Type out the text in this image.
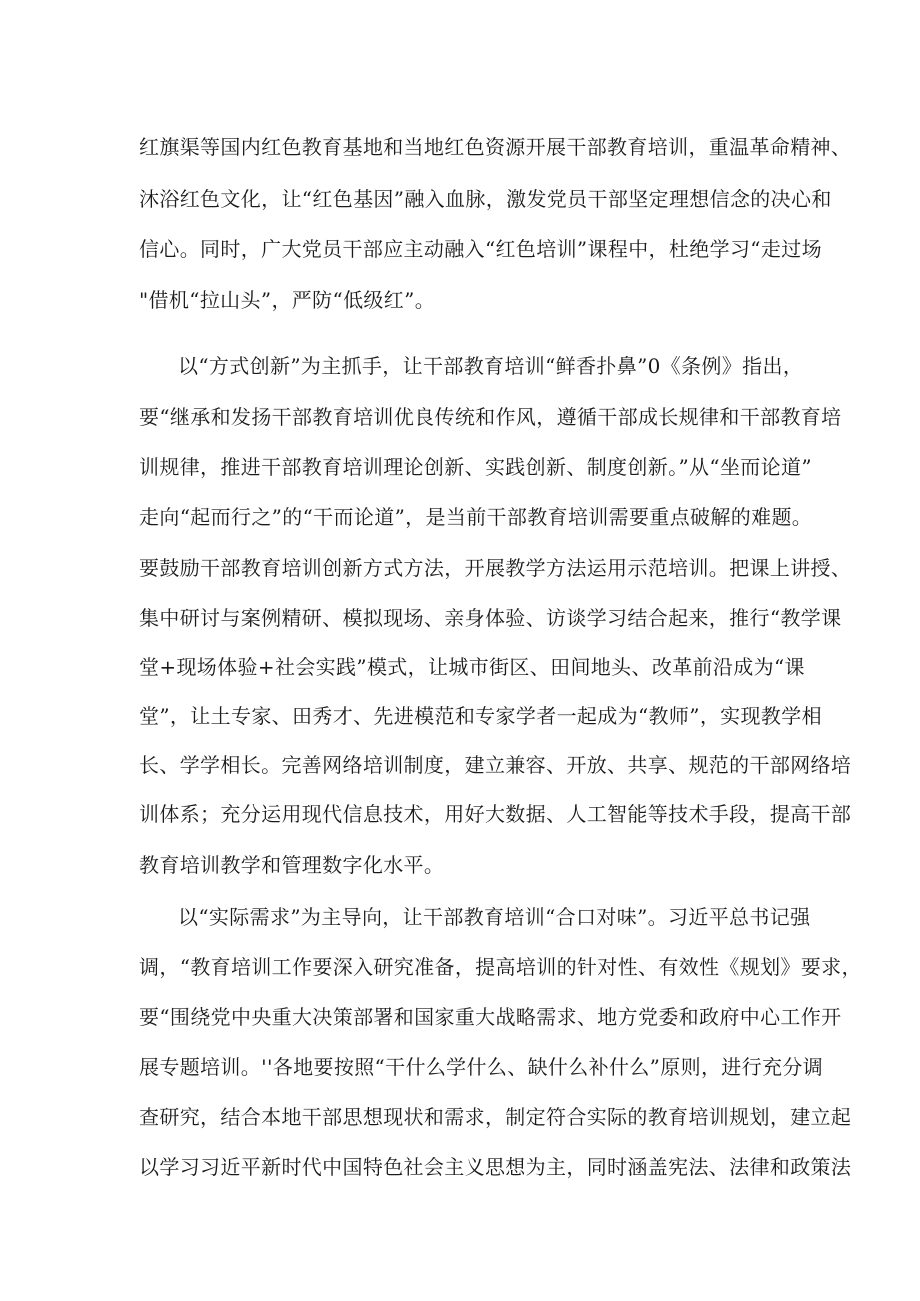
红旗渠等国内红色教育基地和当地红色资源开展干部教育培训，重温革命精神、
沐浴红色文化，让“红色基因”融入血脉，激发党员干部坚定理想信念的决心和
信心。同时，广大党员干部应主动融入“红色培训”课程中，杜绝学习“走过场
"借机“拉山头”，严防“低级红”。
以“方式创新”为主抓手，让干部教育培训“鲜香扑鼻”0《条例》指出，
要“继承和发扬干部教育培训优良传统和作风，遵循干部成长规律和干部教育培
训规律，推进干部教育培训理论创新、实践创新、制度创新。”从“坐而论道”
走向“起而行之”的“干而论道”，是当前干部教育培训需要重点破解的难题。
要鼓励干部教育培训创新方式方法，开展教学方法运用示范培训。把课上讲授、
集中研讨与案例精研、模拟现场、亲身体验、访谈学习结合起来，推行“教学课
堂+现场体验+社会实践”模式，让城市街区、田间地头、改革前沿成为“课
堂”，让土专家、田秀才、先进模范和专家学者一起成为“教师”，实现教学相
长、学学相长。完善网络培训制度，建立兼容、开放、共享、规范的干部网络培
训体系；充分运用现代信息技术，用好大数据、人工智能等技术手段，提高干部
教育培训教学和管理数字化水平。
以“实际需求”为主导向，让干部教育培训“合口对味”。习近平总书记强
调，“教育培训工作要深入研究准备，提高培训的针对性、有效性《规划》要求，
要“围绕党中央重大决策部署和国家重大战略需求、地方党委和政府中心工作开
展专题培训。''各地要按照“干什么学什么、缺什么补什么”原则，进行充分调
查研究，结合本地干部思想现状和需求，制定符合实际的教育培训规划，建立起
以学习习近平新时代中国特色社会主义思想为主，同时涵盖宪法、法律和政策法
